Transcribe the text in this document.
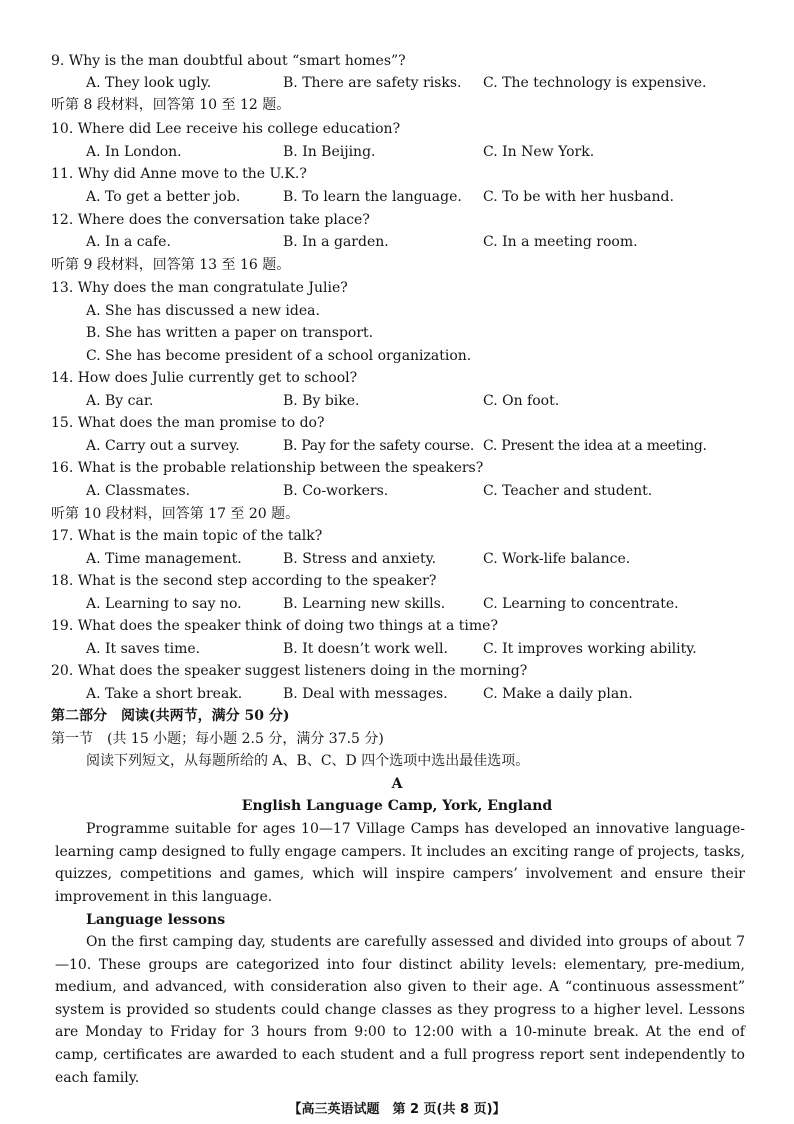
9. Why is the man doubtful about “smart homes”?
A. They look ugly.	B. There are safety risks. C. The technology is expensive.
听第 8 段材料，回答第 10 至 12 题。
10. Where did Lee receive his college education?
A. In London.	B. In Beijing.	C. In New York.
11. Why did Anne move to the U.K.?
A. To get a better job.	B. To learn the language. C. To be with her husband.
12. Where does the conversation take place?
A. In a cafe.	B. In a garden.	C. In a meeting room.
听第 9 段材料，回答第 13 至 16 题。
13. Why does the man congratulate Julie?
A. She has discussed a new idea.
B. She has written a paper on transport.
C. She has become president of a school organization.
14. How does Julie currently get to school?
A. By car.	B. By bike.	C. On foot.
15. What does the man promise to do?
A. Carry out a survey.	B. Pay for the safety course. C. Present the idea at a meeting.
16. What is the probable relationship between the speakers?
A. Classmates.	B. Co-workers.	C. Teacher and student.
听第 10 段材料，回答第 17 至 20 题。
17. What is the main topic of the talk?
A. Time management.	B. Stress and anxiety.	C. Work-life balance.
18. What is the second step according to the speaker?
A. Learning to say no.	B. Learning new skills.	C. Learning to concentrate.
19. What does the speaker think of doing two things at a time?
A. It saves time.	B. It doesn’t work well.	C. It improves working ability.
20. What does the speaker suggest listeners doing in the morning?
A. Take a short break.	B. Deal with messages.	C. Make a daily plan.
第二部分　阅读(共两节，满分 50 分)
第一节　(共 15 小题；每小题 2.5 分，满分 37.5 分)
阅读下列短文，从每题所给的 A、B、C、D 四个选项中选出最佳选项。
A
English Language Camp, York, England
Programme suitable for ages 10—17 Village Camps has developed an innovative language-learning camp designed to fully engage campers. It includes an exciting range of projects, tasks, quizzes, competitions and games, which will inspire campers’ involvement and ensure their improvement in this language.
Language lessons
On the first camping day, students are carefully assessed and divided into groups of about 7—10. These groups are categorized into four distinct ability levels: elementary, pre-medium, medium, and advanced, with consideration also given to their age. A “continuous assessment” system is provided so students could change classes as they progress to a higher level. Lessons are Monday to Friday for 3 hours from 9:00 to 12:00 with a 10-minute break. At the end of camp, certificates are awarded to each student and a full progress report sent independently to each family.
【高三英语试题　第 2 页(共 8 页)】
